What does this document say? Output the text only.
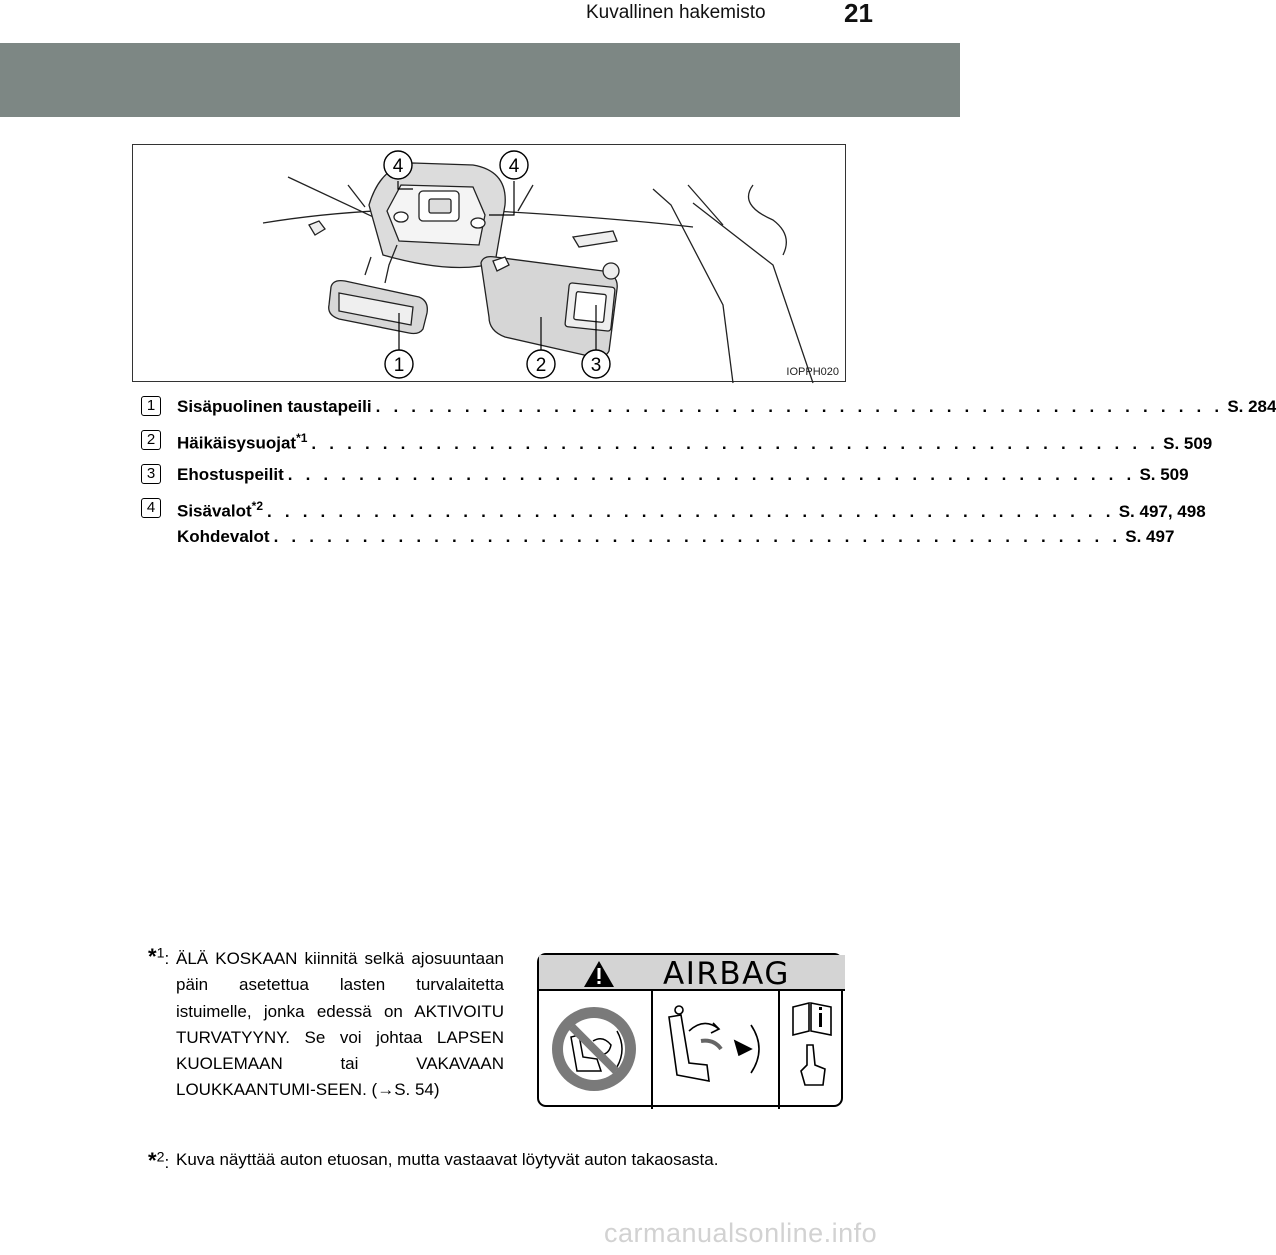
Kuvallinen hakemisto	21
4	4
1	2 3	IOPPH020
1	Sisäpuolinen taustapeili . . . . . . . . . . . . . . . . . . . . . . . . . . . . . . . . . . . . . . . . . . . . . . . . S. 284
2	Häikäisysuojat$^{*1}$ . . . . . . . . . . . . . . . . . . . . . . . . . . . . . . . . . . . . . . . . . . . . . . . . S. 509
3	Ehostuspeilit . . . . . . . . . . . . . . . . . . . . . . . . . . . . . . . . . . . . . . . . . . . . . . . . S. 509
4	Sisävalot$^{*2}$ . . . . . . . . . . . . . . . . . . . . . . . . . . . . . . . . . . . . . . . . . . . . . . . . S. 497, 498
Kohdevalot . . . . . . . . . . . . . . . . . . . . . . . . . . . . . . . . . . . . . . . . . . . . . . . . S. 497
*$^1$: ÄLÄ KOSKAAN kiinnitä selkä ajosuuntaan päin asetettua lasten turvalaitetta istuimelle, jonka edessä on AKTIVOITU TURVATYYNY. Se voi johtaa LAPSEN KUOLEMAAN tai VAKAVAAN LOUKKAANTUMI-SEEN. (→S. 54)
*$^2$: Kuva näyttää auton etuosan, mutta vastaavat löytyvät auton takaosasta.
AIRBAG
carmanualsonline.info
